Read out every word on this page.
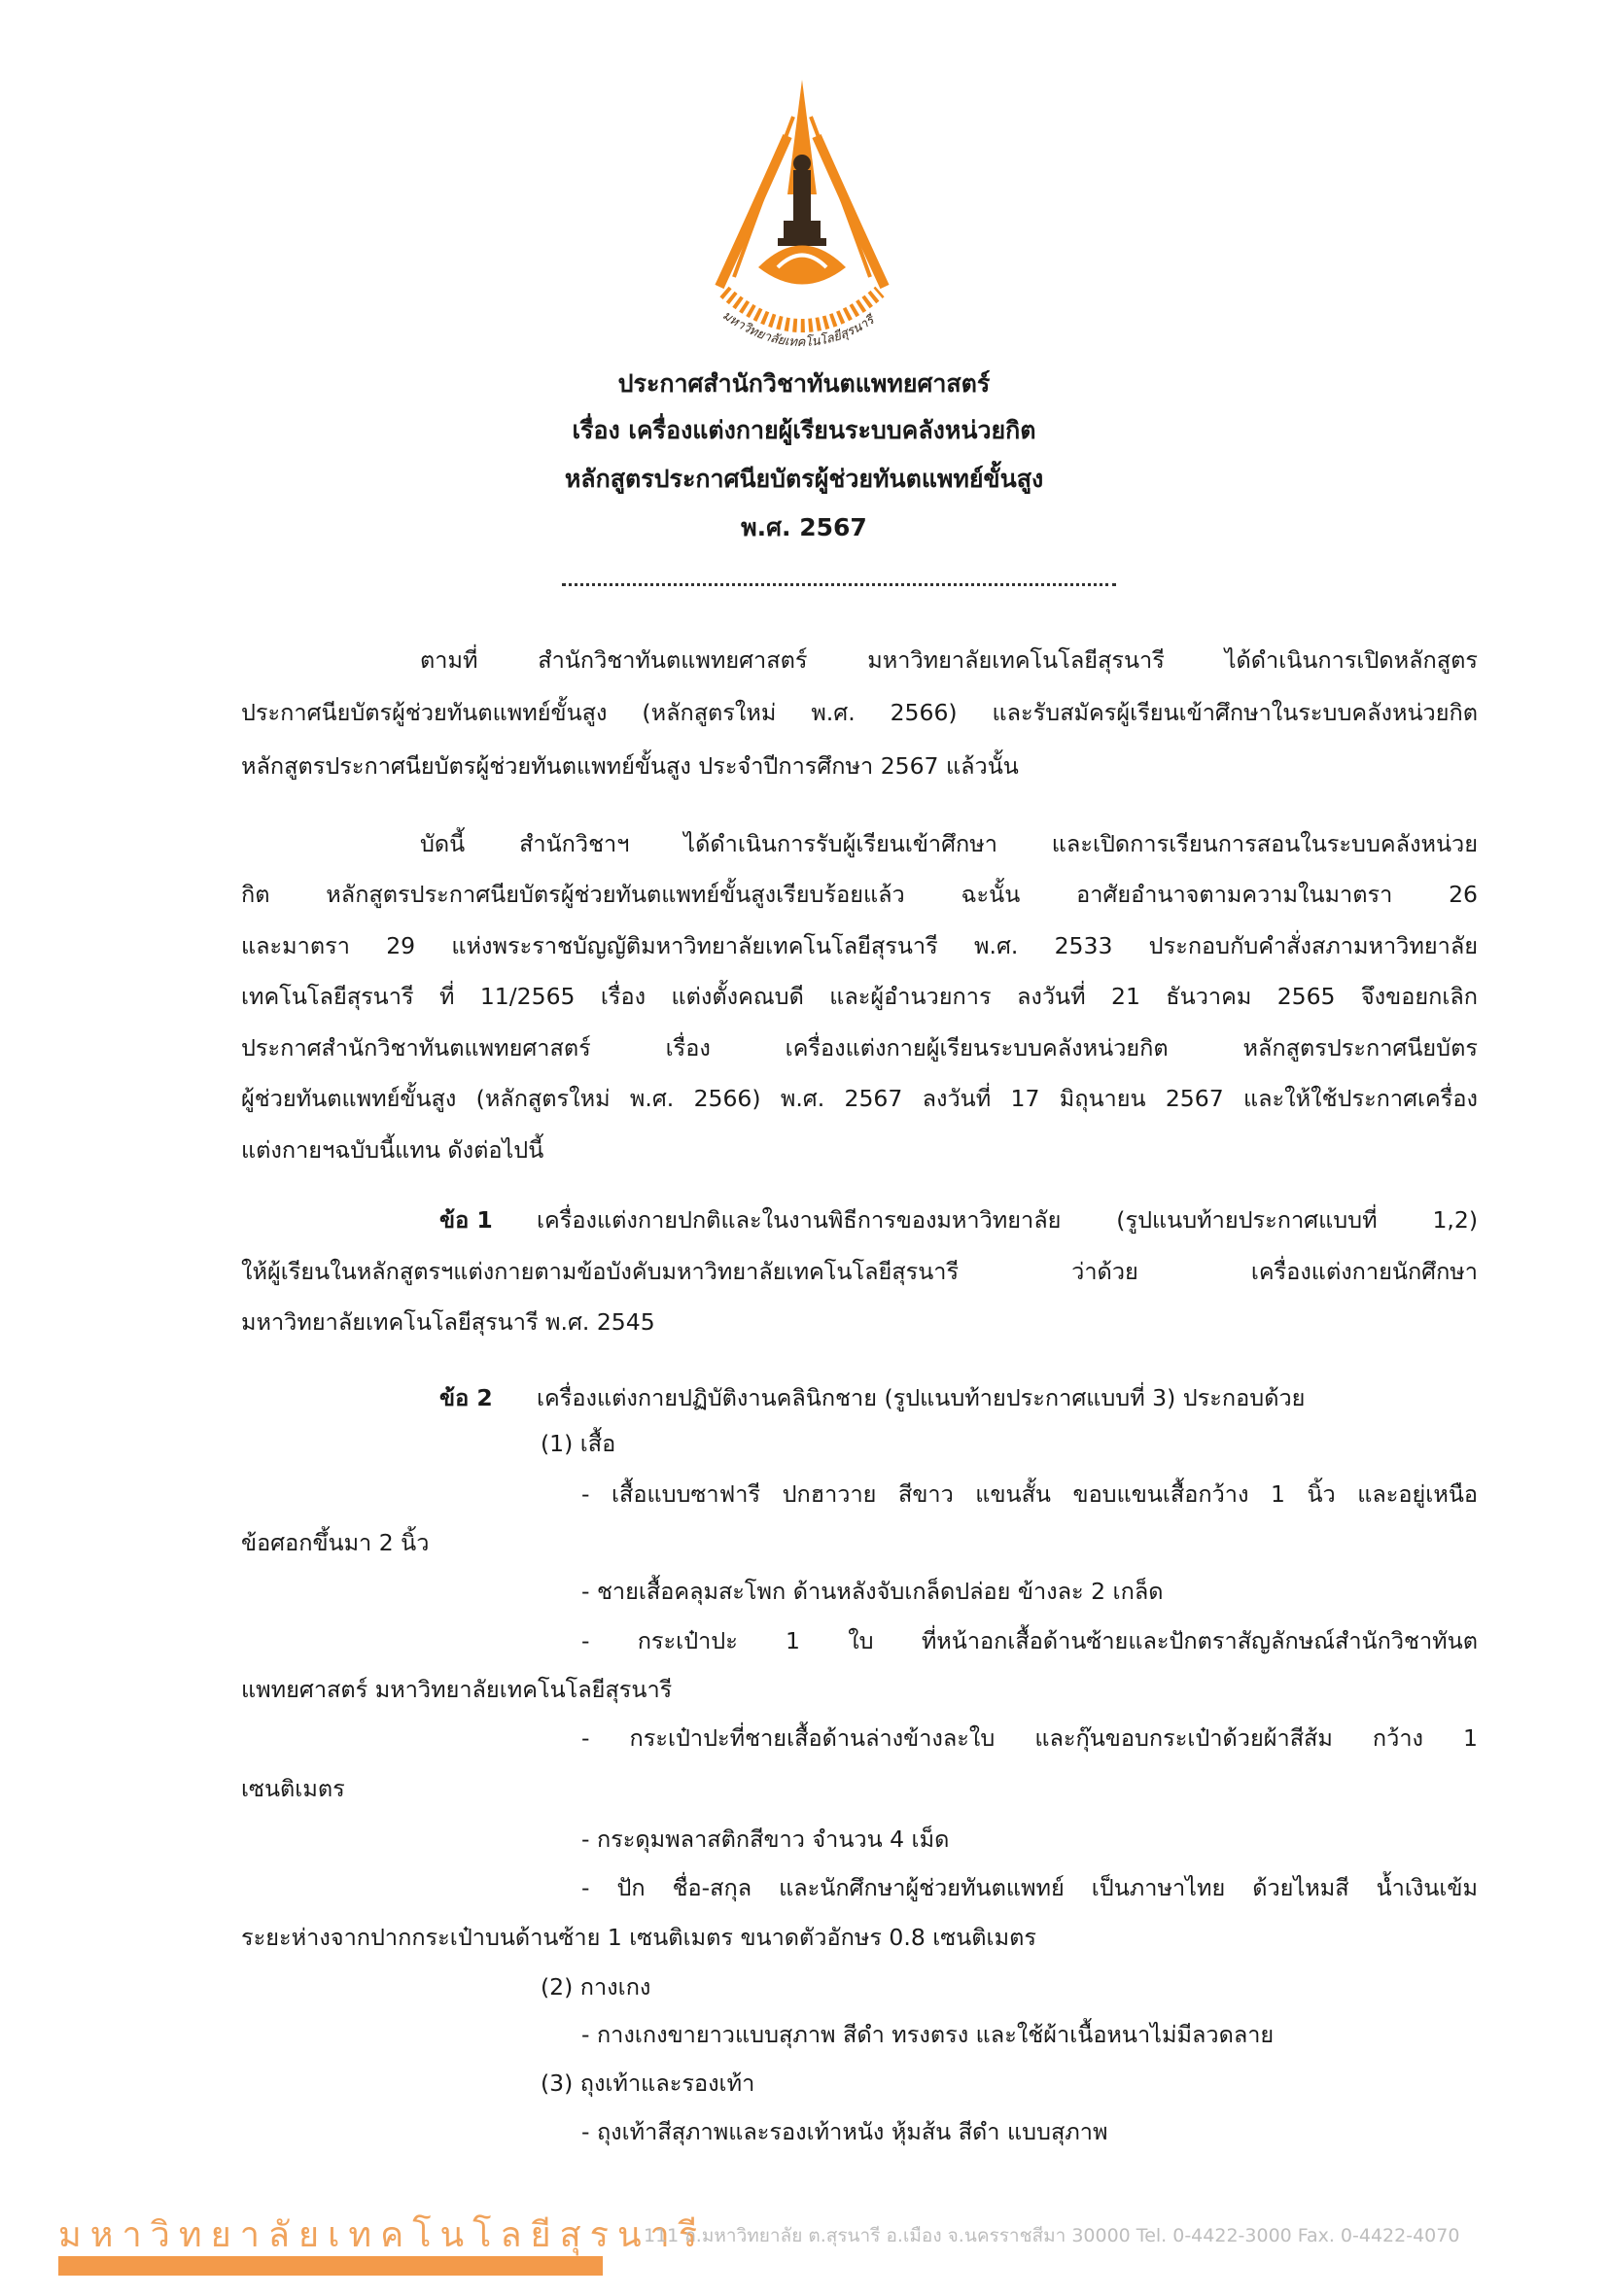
มหาวิทยาลัยเทคโนโลยีสุรนารี
ประกาศสำนักวิชาทันตแพทยศาสตร์
เรื่อง เครื่องแต่งกายผู้เรียนระบบคลังหน่วยกิต
หลักสูตรประกาศนียบัตรผู้ช่วยทันตแพทย์ขั้นสูง
พ.ศ. 2567
ตามที่ สำนักวิชาทันตแพทยศาสตร์ มหาวิทยาลัยเทคโนโลยีสุรนารี ได้ดำเนินการเปิดหลักสูตร
ประกาศนียบัตรผู้ช่วยทันตแพทย์ขั้นสูง (หลักสูตรใหม่ พ.ศ. 2566) และรับสมัครผู้เรียนเข้าศึกษาในระบบคลังหน่วยกิต
หลักสูตรประกาศนียบัตรผู้ช่วยทันตแพทย์ขั้นสูง ประจำปีการศึกษา 2567 แล้วนั้น
บัดนี้ สำนักวิชาฯ ได้ดำเนินการรับผู้เรียนเข้าศึกษา และเปิดการเรียนการสอนในระบบคลังหน่วย
กิต หลักสูตรประกาศนียบัตรผู้ช่วยทันตแพทย์ขั้นสูงเรียบร้อยแล้ว ฉะนั้น อาศัยอำนาจตามความในมาตรา 26
และมาตรา 29 แห่งพระราชบัญญัติมหาวิทยาลัยเทคโนโลยีสุรนารี พ.ศ. 2533 ประกอบกับคำสั่งสภามหาวิทยาลัย
เทคโนโลยีสุรนารี ที่ 11/2565 เรื่อง แต่งตั้งคณบดี และผู้อำนวยการ ลงวันที่ 21 ธันวาคม 2565 จึงขอยกเลิก
ประกาศสำนักวิชาทันตแพทยศาสตร์ เรื่อง เครื่องแต่งกายผู้เรียนระบบคลังหน่วยกิต หลักสูตรประกาศนียบัตร
ผู้ช่วยทันตแพทย์ขั้นสูง (หลักสูตรใหม่ พ.ศ. 2566) พ.ศ. 2567 ลงวันที่ 17 มิถุนายน 2567 และให้ใช้ประกาศเครื่อง
แต่งกายฯฉบับนี้แทน ดังต่อไปนี้
ข้อ 1 เครื่องแต่งกายปกติและในงานพิธีการของมหาวิทยาลัย (รูปแนบท้ายประกาศแบบที่ 1,2)
ให้ผู้เรียนในหลักสูตรฯแต่งกายตามข้อบังคับมหาวิทยาลัยเทคโนโลยีสุรนารี ว่าด้วย เครื่องแต่งกายนักศึกษา
มหาวิทยาลัยเทคโนโลยีสุรนารี พ.ศ. 2545
ข้อ 2 เครื่องแต่งกายปฏิบัติงานคลินิกชาย (รูปแนบท้ายประกาศแบบที่ 3) ประกอบด้วย
(1) เสื้อ
- เสื้อแบบซาฟารี ปกฮาวาย สีขาว แขนสั้น ขอบแขนเสื้อกว้าง 1 นิ้ว และอยู่เหนือ
ข้อศอกขึ้นมา 2 นิ้ว
- ชายเสื้อคลุมสะโพก ด้านหลังจับเกล็ดปล่อย ข้างละ 2 เกล็ด
- กระเป๋าปะ 1 ใบ ที่หน้าอกเสื้อด้านซ้ายและปักตราสัญลักษณ์สำนักวิชาทันต
แพทยศาสตร์ มหาวิทยาลัยเทคโนโลยีสุรนารี
- กระเป๋าปะที่ชายเสื้อด้านล่างข้างละใบ และกุ๊นขอบกระเป๋าด้วยผ้าสีส้ม กว้าง 1
เซนติเมตร
- กระดุมพลาสติกสีขาว จำนวน 4 เม็ด
- ปัก ชื่อ-สกุล และนักศึกษาผู้ช่วยทันตแพทย์ เป็นภาษาไทย ด้วยไหมสี น้ำเงินเข้ม
ระยะห่างจากปากกระเป๋าบนด้านซ้าย 1 เซนติเมตร ขนาดตัวอักษร 0.8 เซนติเมตร
(2) กางเกง
- กางเกงขายาวแบบสุภาพ สีดำ ทรงตรง และใช้ผ้าเนื้อหนาไม่มีลวดลาย
(3) ถุงเท้าและรองเท้า
- ถุงเท้าสีสุภาพและรองเท้าหนัง หุ้มส้น สีดำ แบบสุภาพ
มหาวิทยาลัยเทคโนโลยีสุรนารี
111 ถ.มหาวิทยาลัย ต.สุรนารี อ.เมือง จ.นครราชสีมา 30000 Tel. 0-4422-3000 Fax. 0-4422-4070
